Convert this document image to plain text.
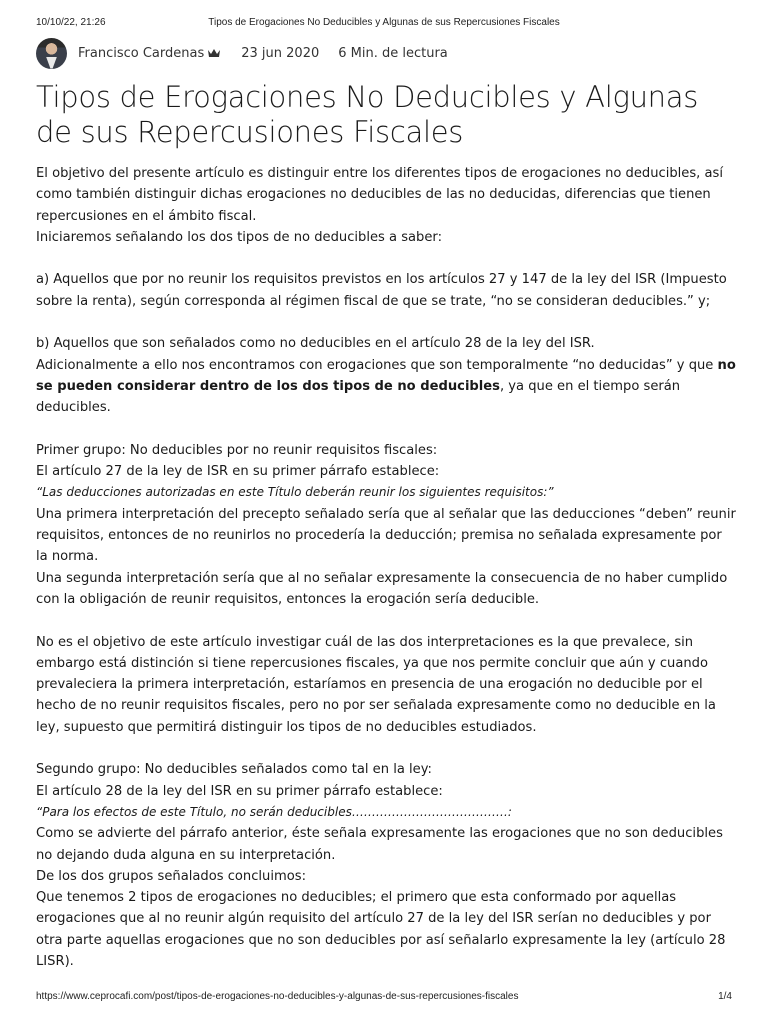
10/10/22, 21:26	Tipos de Erogaciones No Deducibles y Algunas de sus Repercusiones Fiscales
Francisco Cardenas	23 jun 2020 6 Min. de lectura
Tipos de Erogaciones No Deducibles y Algunas de sus Repercusiones Fiscales

El objetivo del presente artículo es distinguir entre los diferentes tipos de erogaciones no deducibles, así como también distinguir dichas erogaciones no deducibles de las no deducidas, diferencias que tienen repercusiones en el ámbito fiscal.

Iniciaremos señalando los dos tipos de no deducibles a saber:

a) Aquellos que por no reunir los requisitos previstos en los artículos 27 y 147 de la ley del ISR (Impuesto sobre la renta), según corresponda al régimen fiscal de que se trate, “no se consideran deducibles.” y;

b) Aquellos que son señalados como no deducibles en el artículo 28 de la ley del ISR.

Adicionalmente a ello nos encontramos con erogaciones que son temporalmente “no deducidas” y que no se pueden considerar dentro de los dos tipos de no deducibles, ya que en el tiempo serán deducibles.

Primer grupo: No deducibles por no reunir requisitos fiscales:

El artículo 27 de la ley de ISR en su primer párrafo establece:

“Las deducciones autorizadas en este Título deberán reunir los siguientes requisitos:”

Una primera interpretación del precepto señalado sería que al señalar que las deducciones “deben” reunir requisitos, entonces de no reunirlos no procedería la deducción; premisa no señalada expresamente por la norma.

Una segunda interpretación sería que al no señalar expresamente la consecuencia de no haber cumplido con la obligación de reunir requisitos, entonces la erogación sería deducible.

No es el objetivo de este artículo investigar cuál de las dos interpretaciones es la que prevalece, sin embargo está distinción si tiene repercusiones fiscales, ya que nos permite concluir que aún y cuando prevaleciera la primera interpretación, estaríamos en presencia de una erogación no deducible por el hecho de no reunir requisitos fiscales, pero no por ser señalada expresamente como no deducible en la ley, supuesto que permitirá distinguir los tipos de no deducibles estudiados.

Segundo grupo: No deducibles señalados como tal en la ley:

El artículo 28 de la ley del ISR en su primer párrafo establece:

“Para los efectos de este Título, no serán deducibles…………………………………:

Como se advierte del párrafo anterior, éste señala expresamente las erogaciones que no son deducibles no dejando duda alguna en su interpretación.

De los dos grupos señalados concluimos:

Que tenemos 2 tipos de erogaciones no deducibles; el primero que esta conformado por aquellas erogaciones que al no reunir algún requisito del artículo 27 de la ley del ISR serían no deducibles y por otra parte aquellas erogaciones que no son deducibles por así señalarlo expresamente la ley (artículo 28 LISR).

https://www.ceprocafi.com/post/tipos-de-erogaciones-no-deducibles-y-algunas-de-sus-repercusiones-fiscales	1/4
